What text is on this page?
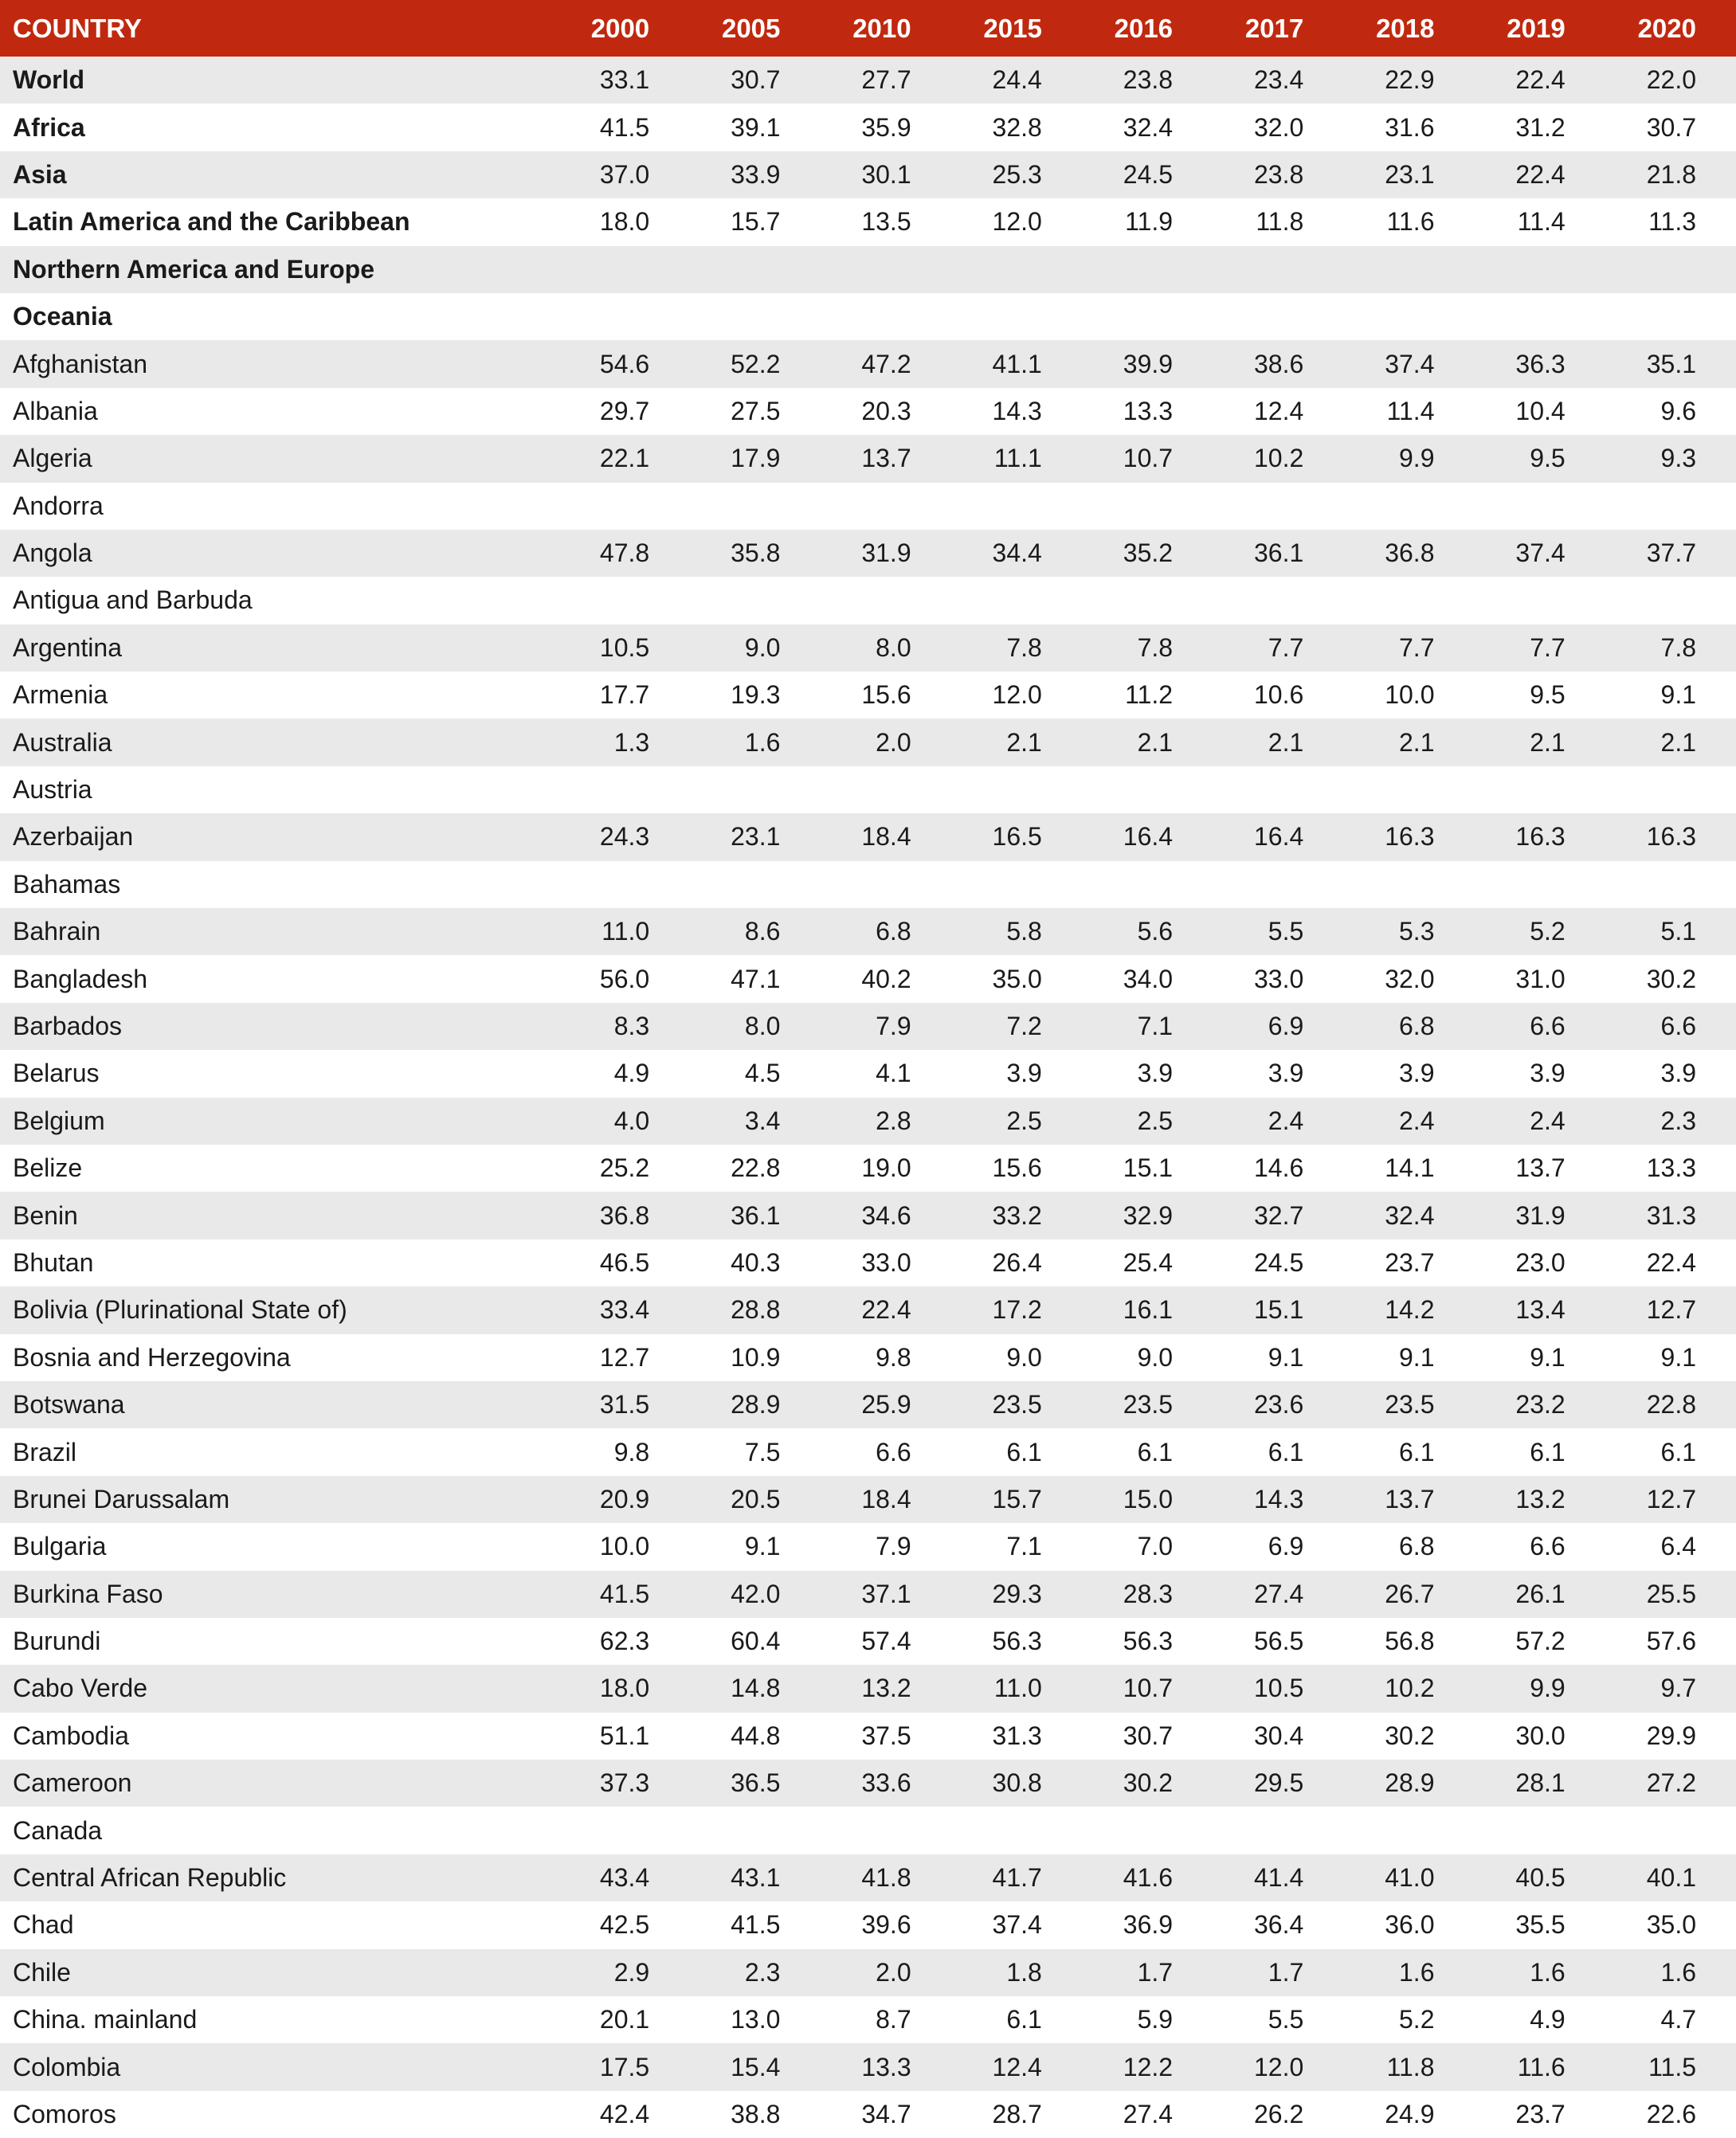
COUNTRY	2000	2005	2010	2015	2016	2017	2018	2019	2020
World	33.1	30.7	27.7	24.4	23.8	23.4	22.9	22.4	22.0
Africa	41.5	39.1	35.9	32.8	32.4	32.0	31.6	31.2	30.7
Asia	37.0	33.9	30.1	25.3	24.5	23.8	23.1	22.4	21.8
Latin America and the Caribbean	18.0	15.7	13.5	12.0	11.9	11.8	11.6	11.4	11.3
Northern America and Europe									
Oceania									
Afghanistan	54.6	52.2	47.2	41.1	39.9	38.6	37.4	36.3	35.1
Albania	29.7	27.5	20.3	14.3	13.3	12.4	11.4	10.4	9.6
Algeria	22.1	17.9	13.7	11.1	10.7	10.2	9.9	9.5	9.3
Andorra									
Angola	47.8	35.8	31.9	34.4	35.2	36.1	36.8	37.4	37.7
Antigua and Barbuda									
Argentina	10.5	9.0	8.0	7.8	7.8	7.7	7.7	7.7	7.8
Armenia	17.7	19.3	15.6	12.0	11.2	10.6	10.0	9.5	9.1
Australia	1.3	1.6	2.0	2.1	2.1	2.1	2.1	2.1	2.1
Austria									
Azerbaijan	24.3	23.1	18.4	16.5	16.4	16.4	16.3	16.3	16.3
Bahamas									
Bahrain	11.0	8.6	6.8	5.8	5.6	5.5	5.3	5.2	5.1
Bangladesh	56.0	47.1	40.2	35.0	34.0	33.0	32.0	31.0	30.2
Barbados	8.3	8.0	7.9	7.2	7.1	6.9	6.8	6.6	6.6
Belarus	4.9	4.5	4.1	3.9	3.9	3.9	3.9	3.9	3.9
Belgium	4.0	3.4	2.8	2.5	2.5	2.4	2.4	2.4	2.3
Belize	25.2	22.8	19.0	15.6	15.1	14.6	14.1	13.7	13.3
Benin	36.8	36.1	34.6	33.2	32.9	32.7	32.4	31.9	31.3
Bhutan	46.5	40.3	33.0	26.4	25.4	24.5	23.7	23.0	22.4
Bolivia (Plurinational State of)	33.4	28.8	22.4	17.2	16.1	15.1	14.2	13.4	12.7
Bosnia and Herzegovina	12.7	10.9	9.8	9.0	9.0	9.1	9.1	9.1	9.1
Botswana	31.5	28.9	25.9	23.5	23.5	23.6	23.5	23.2	22.8
Brazil	9.8	7.5	6.6	6.1	6.1	6.1	6.1	6.1	6.1
Brunei Darussalam	20.9	20.5	18.4	15.7	15.0	14.3	13.7	13.2	12.7
Bulgaria	10.0	9.1	7.9	7.1	7.0	6.9	6.8	6.6	6.4
Burkina Faso	41.5	42.0	37.1	29.3	28.3	27.4	26.7	26.1	25.5
Burundi	62.3	60.4	57.4	56.3	56.3	56.5	56.8	57.2	57.6
Cabo Verde	18.0	14.8	13.2	11.0	10.7	10.5	10.2	9.9	9.7
Cambodia	51.1	44.8	37.5	31.3	30.7	30.4	30.2	30.0	29.9
Cameroon	37.3	36.5	33.6	30.8	30.2	29.5	28.9	28.1	27.2
Canada									
Central African Republic	43.4	43.1	41.8	41.7	41.6	41.4	41.0	40.5	40.1
Chad	42.5	41.5	39.6	37.4	36.9	36.4	36.0	35.5	35.0
Chile	2.9	2.3	2.0	1.8	1.7	1.7	1.6	1.6	1.6
China. mainland	20.1	13.0	8.7	6.1	5.9	5.5	5.2	4.9	4.7
Colombia	17.5	15.4	13.3	12.4	12.2	12.0	11.8	11.6	11.5
Comoros	42.4	38.8	34.7	28.7	27.4	26.2	24.9	23.7	22.6
